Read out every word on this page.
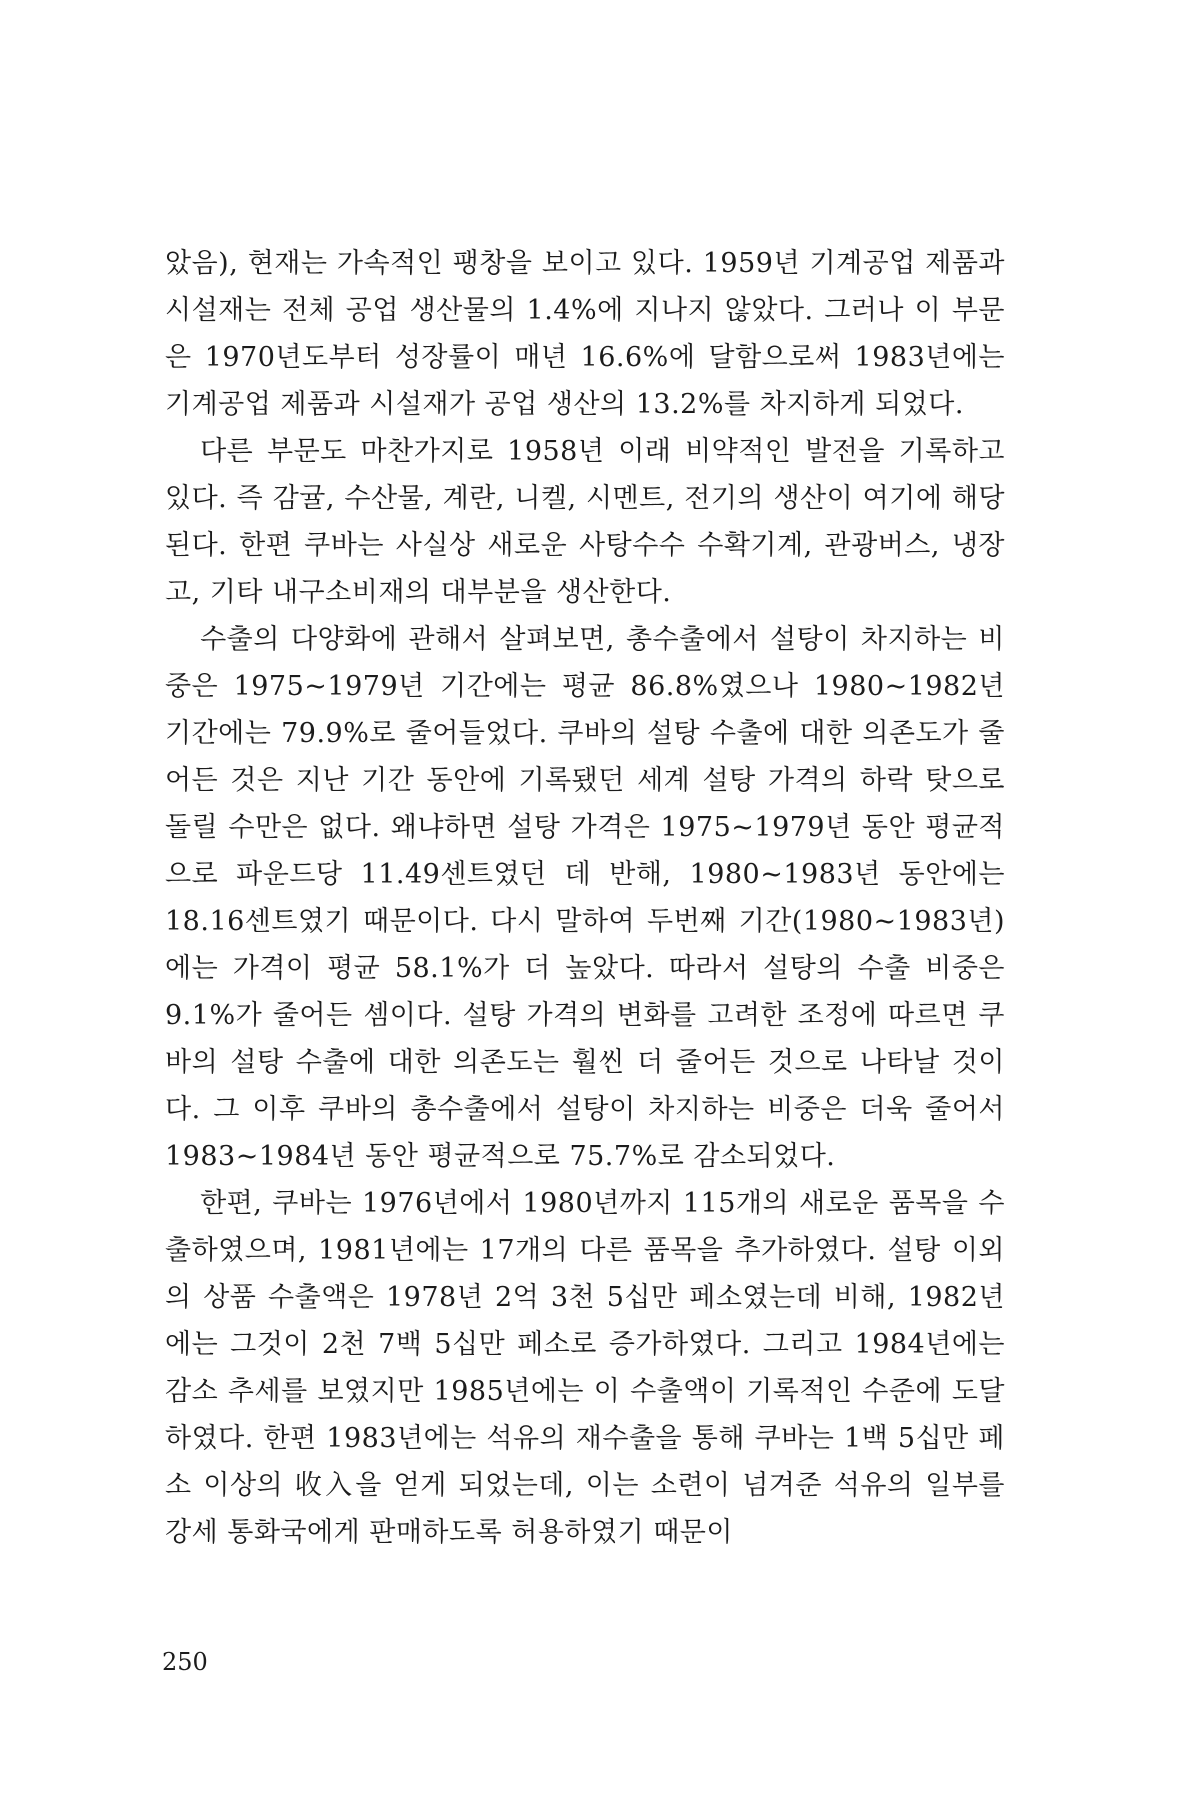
았음), 현재는 가속적인 팽창을 보이고 있다. 1959년 기계공업 제품과 시설재는 전체 공업 생산물의 1.4%에 지나지 않았다. 그러나 이 부문은 1970년도부터 성장률이 매년 16.6%에 달함으로써 1983년에는 기계공업 제품과 시설재가 공업 생산의 13.2%를 차지하게 되었다.

다른 부문도 마찬가지로 1958년 이래 비약적인 발전을 기록하고 있다. 즉 감귤, 수산물, 계란, 니켈, 시멘트, 전기의 생산이 여기에 해당된다. 한편 쿠바는 사실상 새로운 사탕수수 수확기계, 관광버스, 냉장고, 기타 내구소비재의 대부분을 생산한다.

수출의 다양화에 관해서 살펴보면, 총수출에서 설탕이 차지하는 비중은 1975~1979년 기간에는 평균 86.8%였으나 1980~1982년 기간에는 79.9%로 줄어들었다. 쿠바의 설탕 수출에 대한 의존도가 줄어든 것은 지난 기간 동안에 기록됐던 세계 설탕 가격의 하락 탓으로 돌릴 수만은 없다. 왜냐하면 설탕 가격은 1975~1979년 동안 평균적으로 파운드당 11.49센트였던 데 반해, 1980~1983년 동안에는 18.16센트였기 때문이다. 다시 말하여 두번째 기간(1980~1983년)에는 가격이 평균 58.1%가 더 높았다. 따라서 설탕의 수출 비중은 9.1%가 줄어든 셈이다. 설탕 가격의 변화를 고려한 조정에 따르면 쿠바의 설탕 수출에 대한 의존도는 훨씬 더 줄어든 것으로 나타날 것이다. 그 이후 쿠바의 총수출에서 설탕이 차지하는 비중은 더욱 줄어서 1983~1984년 동안 평균적으로 75.7%로 감소되었다.

한편, 쿠바는 1976년에서 1980년까지 115개의 새로운 품목을 수출하였으며, 1981년에는 17개의 다른 품목을 추가하였다. 설탕 이외의 상품 수출액은 1978년 2억 3천 5십만 페소였는데 비해, 1982년에는 그것이 2천 7백 5십만 페소로 증가하였다. 그리고 1984년에는 감소 추세를 보였지만 1985년에는 이 수출액이 기록적인 수준에 도달하였다. 한편 1983년에는 석유의 재수출을 통해 쿠바는 1백 5십만 페소 이상의 收入을 얻게 되었는데, 이는 소련이 넘겨준 석유의 일부를 강세 통화국에게 판매하도록 허용하였기 때문이

250
